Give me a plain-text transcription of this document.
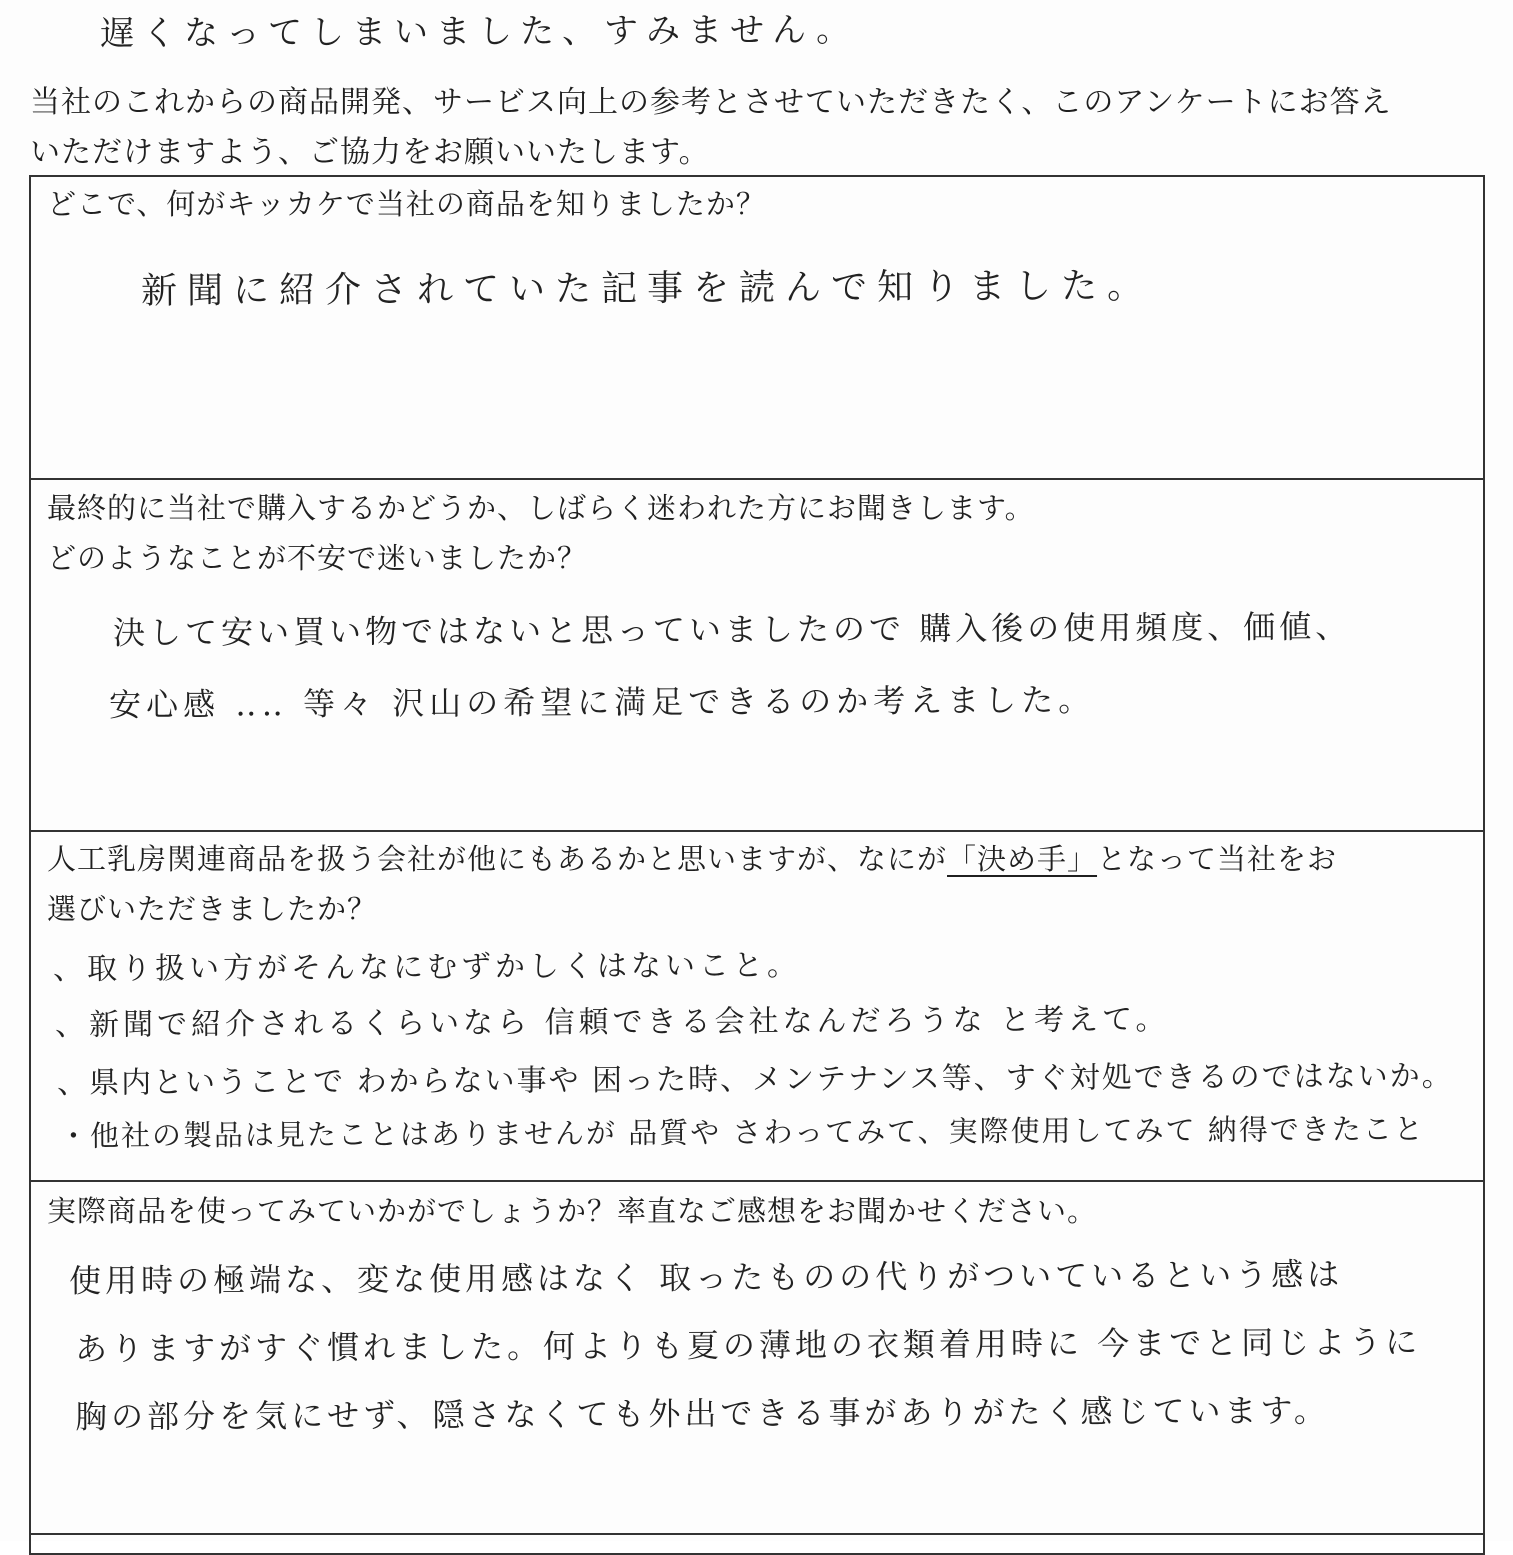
遅くなってしまいました、すみません。
当社のこれからの商品開発、サービス向上の参考とさせていただきたく、このアンケートにお答え
いただけますよう、ご協力をお願いいたします。
どこで、何がキッカケで当社の商品を知りましたか？
新聞に紹介されていた記事を読んで知りました。
最終的に当社で購入するかどうか、しばらく迷われた方にお聞きします。
どのようなことが不安で迷いましたか？
決して安い買い物ではないと思っていましたので 購入後の使用頻度、価値、
安心感 ‥‥ 等々 沢山の希望に満足できるのか考えました。
人工乳房関連商品を扱う会社が他にもあるかと思いますが、なにが「決め手」となって当社をお
選びいただきましたか？
、取り扱い方がそんなにむずかしくはないこと。
、新聞で紹介されるくらいなら 信頼できる会社なんだろうな と考えて。
、県内ということで わからない事や 困った時、メンテナンス等、すぐ対処できるのではないか。
・他社の製品は見たことはありませんが 品質や さわってみて、実際使用してみて 納得できたこと
実際商品を使ってみていかがでしょうか？率直なご感想をお聞かせください。
使用時の極端な、変な使用感はなく 取ったものの代りがついているという感は
ありますがすぐ慣れました。何よりも夏の薄地の衣類着用時に 今までと同じように
胸の部分を気にせず、隠さなくても外出できる事がありがたく感じています。
